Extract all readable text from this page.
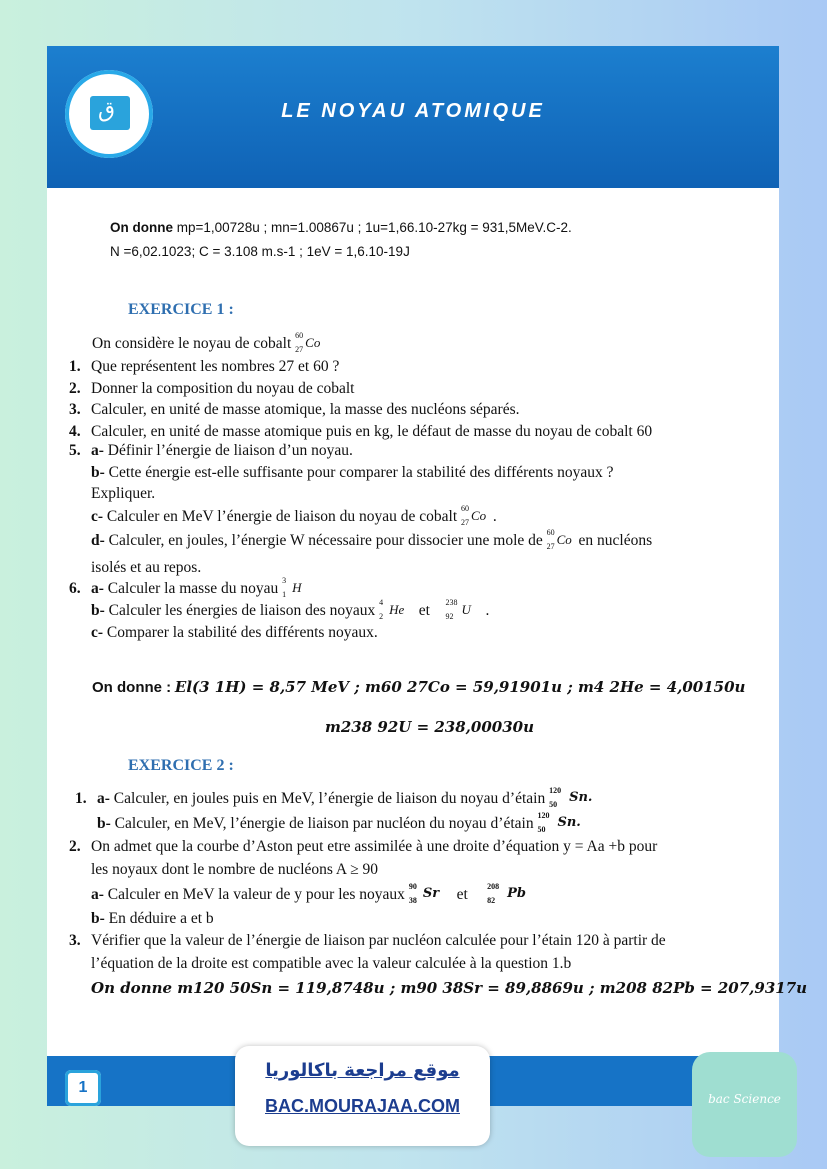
ق	LE NOYAU ATOMIQUE
On donne mp=1,00728u ; mn=1.00867u ; 1u=1,66.10-27kg = 931,5MeV.C-2.
N =6,02.1023; C = 3.108 m.s-1 ; 1eV = 1,6.10-19J
EXERCICE 1 :
On considère le noyau de cobalt 60
27 Co
1. Que représentent les nombres 27 et 60 ?
2. Donner la composition du noyau de cobalt
3. Calculer, en unité de masse atomique, la masse des nucléons séparés.
4. Calculer, en unité de masse atomique puis en kg, le défaut de masse du noyau de cobalt 60
5. a- Définir l’énergie de liaison d’un noyau.
b- Cette énergie est-elle suffisante pour comparer la stabilité des différents noyaux ?
Expliquer.
c- Calculer en MeV l’énergie de liaison du noyau de cobalt 60
27 Co .
d- Calculer, en joules, l’énergie W nécessaire pour dissocier une mole de 60
27 Co en nucléons
isolés et au repos.
6. a- Calculer la masse du noyau 3
1 H
b- Calculer les énergies de liaison des noyaux 4
2 He et 238
92 U .
c- Comparer la stabilité des différents noyaux.
On donne : El(3 1H) = 8,57 MeV ; m60 27Co = 59,91901u ; m4 2He = 4,00150u
m238 92U = 238,00030u
EXERCICE 2 :
1. a- Calculer, en joules puis en MeV, l’énergie de liaison du noyau d’étain 120
50 Sn.
b- Calculer, en MeV, l’énergie de liaison par nucléon du noyau d’étain 120
50 Sn.
2. On admet que la courbe d’Aston peut etre assimilée à une droite d’équation y = Aa +b pour
les noyaux dont le nombre de nucléons A ≥ 90
a- Calculer en MeV la valeur de y pour les noyaux 90
38 Sr et 208
82 Pb
b- En déduire a et b
3. Vérifier que la valeur de l’énergie de liaison par nucléon calculée pour l’étain 120 à partir de
l’équation de la droite est compatible avec la valeur calculée à la question 1.b
On donne m120 50Sn = 119,8748u ; m90 38Sr = 89,8869u ; m208 82Pb = 207,9317u
1
موقع مراجعة باكالوريا
BAC.MOURAJAA.COM	bac Science
